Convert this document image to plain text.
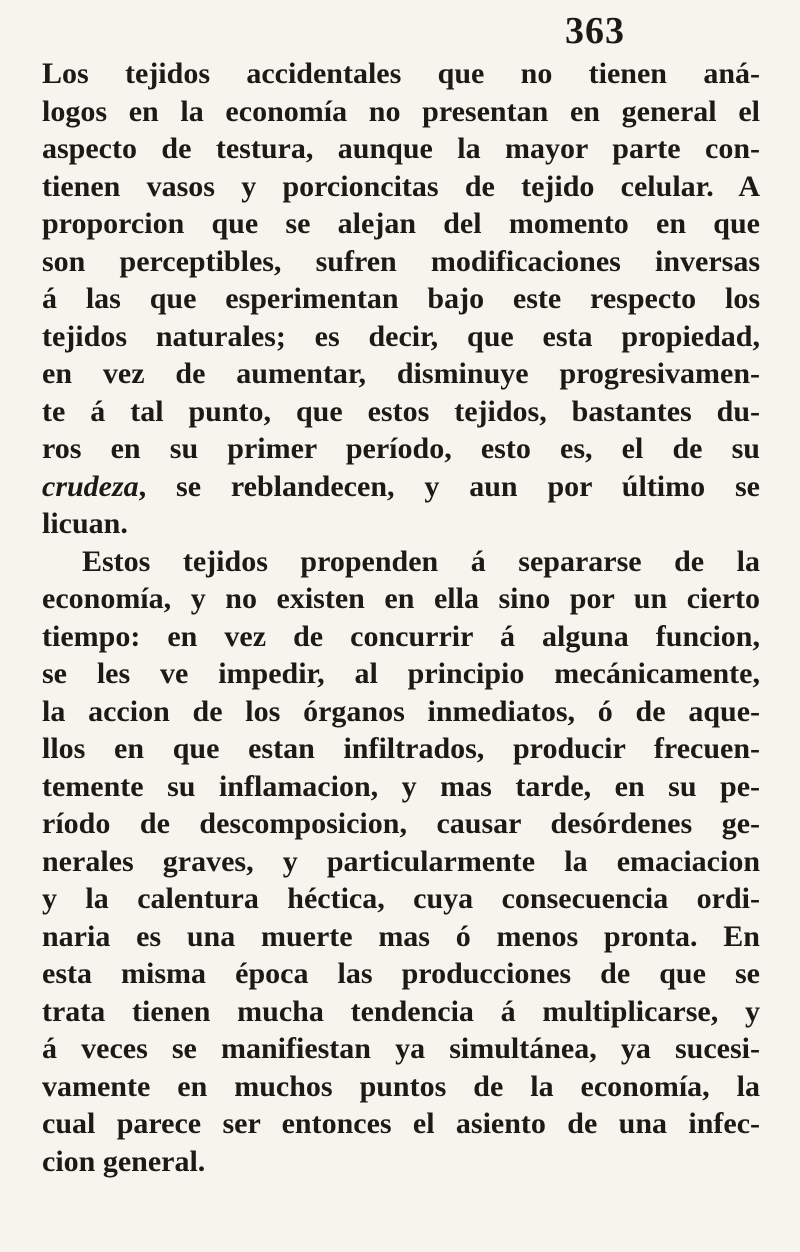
363
Los tejidos accidentales que no tienen aná-
logos en la economía no presentan en general el
aspecto de testura, aunque la mayor parte con-
tienen vasos y porcioncitas de tejido celular. A
proporcion que se alejan del momento en que
son perceptibles, sufren modificaciones inversas
á las que esperimentan bajo este respecto los
tejidos naturales; es decir, que esta propiedad,
en vez de aumentar, disminuye progresivamen-
te á tal punto, que estos tejidos, bastantes du-
ros en su primer período, esto es, el de su
crudeza, se reblandecen, y aun por último se
licuan.
Estos tejidos propenden á separarse de la
economía, y no existen en ella sino por un cierto
tiempo: en vez de concurrir á alguna funcion,
se les ve impedir, al principio mecánicamente,
la accion de los órganos inmediatos, ó de aque-
llos en que estan infiltrados, producir frecuen-
temente su inflamacion, y mas tarde, en su pe-
ríodo de descomposicion, causar desórdenes ge-
nerales graves, y particularmente la emaciacion
y la calentura héctica, cuya consecuencia ordi-
naria es una muerte mas ó menos pronta. En
esta misma época las producciones de que se
trata tienen mucha tendencia á multiplicarse, y
á veces se manifiestan ya simultánea, ya sucesi-
vamente en muchos puntos de la economía, la
cual parece ser entonces el asiento de una infec-
cion general.
